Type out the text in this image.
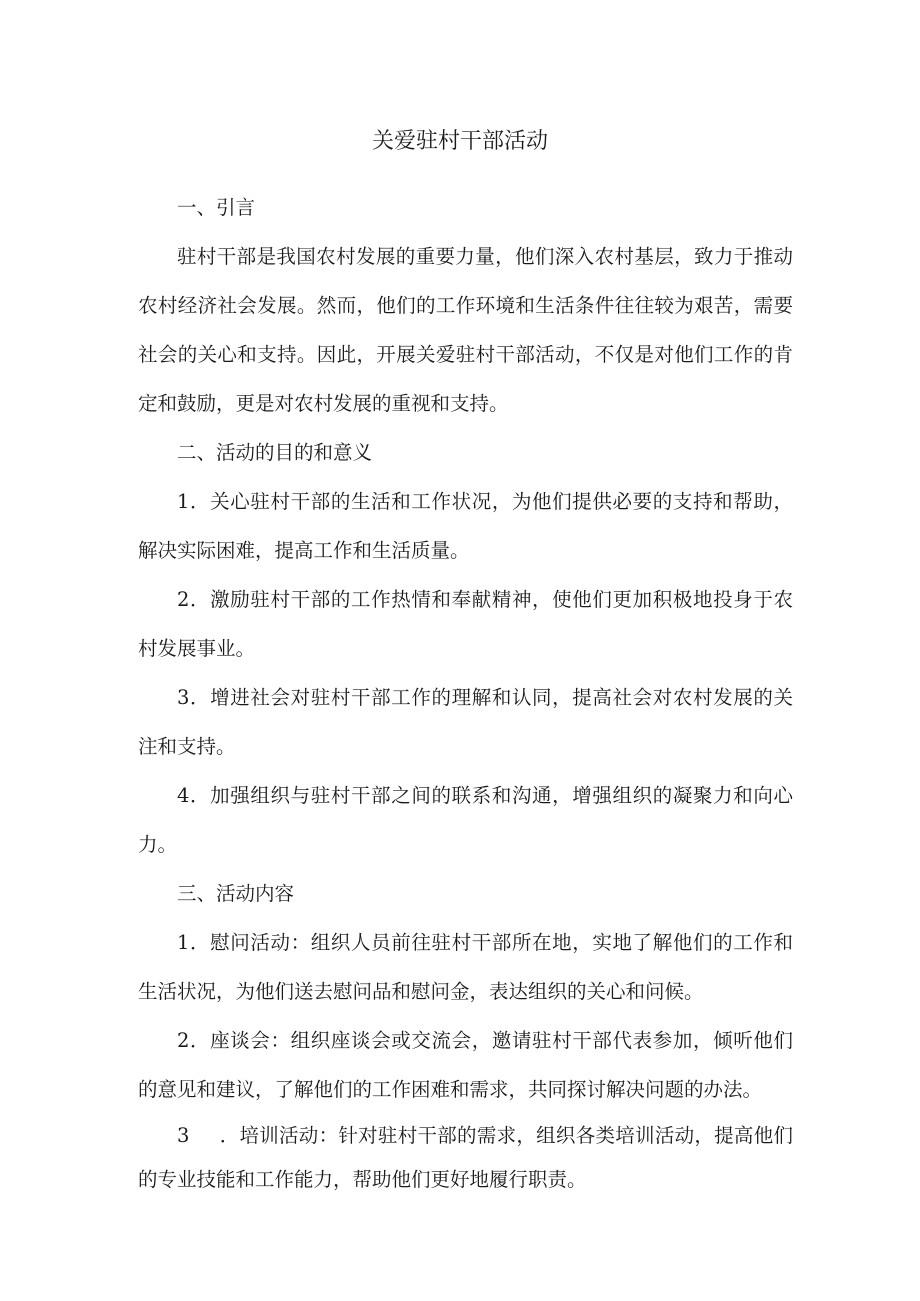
关爱驻村干部活动

一、引言

驻村干部是我国农村发展的重要力量，他们深入农村基层，致力于推动农村经济社会发展。然而，他们的工作环境和生活条件往往较为艰苦，需要社会的关心和支持。因此，开展关爱驻村干部活动，不仅是对他们工作的肯定和鼓励，更是对农村发展的重视和支持。

二、活动的目的和意义

1．关心驻村干部的生活和工作状况，为他们提供必要的支持和帮助，解决实际困难，提高工作和生活质量。

2．激励驻村干部的工作热情和奉献精神，使他们更加积极地投身于农村发展事业。

3．增进社会对驻村干部工作的理解和认同，提高社会对农村发展的关注和支持。

4．加强组织与驻村干部之间的联系和沟通，增强组织的凝聚力和向心力。

三、活动内容

1．慰问活动：组织人员前往驻村干部所在地，实地了解他们的工作和生活状况，为他们送去慰问品和慰问金，表达组织的关心和问候。

2．座谈会：组织座谈会或交流会，邀请驻村干部代表参加，倾听他们的意见和建议，了解他们的工作困难和需求，共同探讨解决问题的办法。

3 ．培训活动：针对驻村干部的需求，组织各类培训活动，提高他们的专业技能和工作能力，帮助他们更好地履行职责。
